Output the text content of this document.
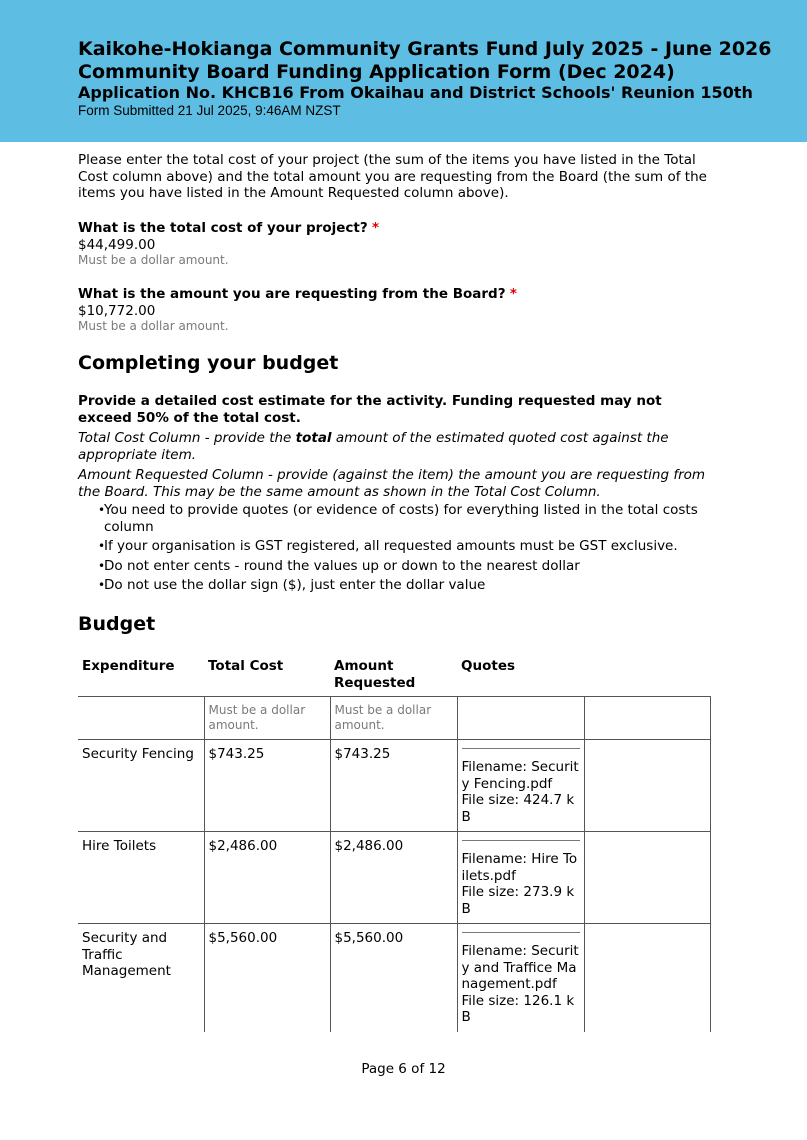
Kaikohe-Hokianga Community Grants Fund July 2025 - June 2026
Community Board Funding Application Form (Dec 2024)
Application No. KHCB16 From Okaihau and District Schools' Reunion 150th
Form Submitted 21 Jul 2025, 9:46AM NZST

Please enter the total cost of your project (the sum of the items you have listed in the Total Cost column above) and the total amount you are requesting from the Board (the sum of the items you have listed in the Amount Requested column above).

What is the total cost of your project? *
$44,499.00
Must be a dollar amount.
What is the amount you are requesting from the Board? *
$10,772.00
Must be a dollar amount.
Completing your budget
Provide a detailed cost estimate for the activity. Funding requested may not exceed 50% of the total cost.
Total Cost Column - provide the total amount of the estimated quoted cost against the appropriate item.
Amount Requested Column - provide (against the item) the amount you are requesting from the Board. This may be the same amount as shown in the Total Cost Column.
• You need to provide quotes (or evidence of costs) for everything listed in the total costs column
• If your organisation is GST registered, all requested amounts must be GST exclusive.
• Do not enter cents - round the values up or down to the nearest dollar
• Do not use the dollar sign ($), just enter the dollar value
Budget
Expenditure	Total Cost	Amount Requested	Quotes	
	Must be a dollar amount.	Must be a dollar amount.		
Security Fencing	$743.25	$743.25	Filename: Security Fencing.pdf
File size: 424.7 kB	

Hire Toilets	$2,486.00	$2,486.00	Filename: Hire Toilets.pdf
File size: 273.9 kB	

Security and Traffic Management	$5,560.00	$5,560.00	Filename: Security and Traffice Management.pdf
File size: 126.1 kB	

Page 6 of 12
